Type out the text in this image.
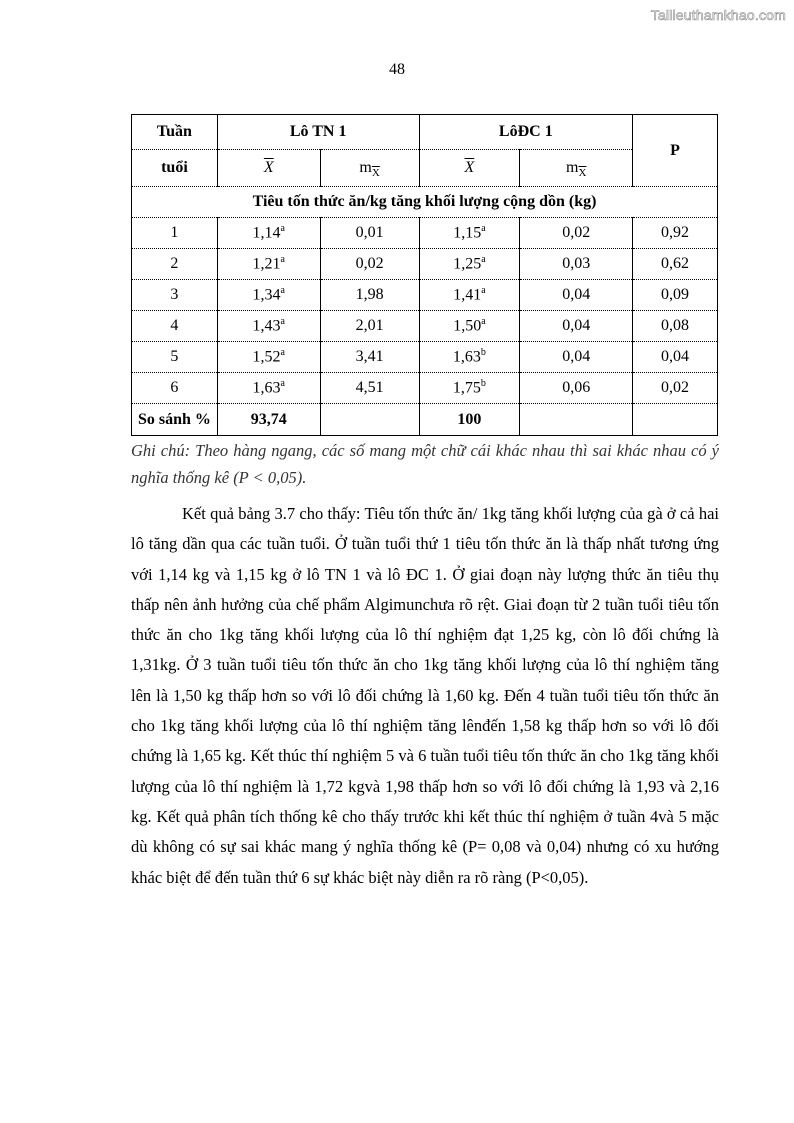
Tailieuthamkhao.com
48
Tuần	Lô TN 1		LôĐC 1		P
tuổi	$\overline{X}$	$m_{\overline{X}}$	$\overline{X}$	$m_{\overline{X}}$
Tiêu tốn thức ăn/kg tăng khối lượng cộng dồn (kg)					
1	1,14$^a$	0,01	1,15$^a$	0,02	0,92
2	1,21$^a$	0,02	1,25$^a$	0,03	0,62
3	1,34$^a$	1,98	1,41$^a$	0,04	0,09
4	1,43$^a$	2,01	1,50$^a$	0,04	0,08
5	1,52$^a$	3,41	1,63$^b$	0,04	0,04
6	1,63$^a$	4,51	1,75$^b$	0,06	0,02
So sánh %	93,74		100		
Ghi chú: Theo hàng ngang, các số mang một chữ cái khác nhau thì sai khác nhau có ý nghĩa thống kê (P < 0,05).

Kết quả bảng 3.7 cho thấy: Tiêu tốn thức ăn/ 1kg tăng khối lượng của gà ở cả hai lô tăng dần qua các tuần tuổi. Ở tuần tuổi thứ 1 tiêu tốn thức ăn là thấp nhất tương ứng với 1,14 kg và 1,15 kg ở lô TN 1 và lô ĐC 1. Ở giai đoạn này lượng thức ăn tiêu thụ thấp nên ảnh hưởng của chế phẩm Algimunchưa rõ rệt. Giai đoạn từ 2 tuần tuổi tiêu tốn thức ăn cho 1kg tăng khối lượng của lô thí nghiệm đạt 1,25 kg, còn lô đối chứng là 1,31kg. Ở 3 tuần tuổi tiêu tốn thức ăn cho 1kg tăng khối lượng của lô thí nghiệm tăng lên là 1,50 kg thấp hơn so với lô đối chứng là 1,60 kg. Đến 4 tuần tuổi tiêu tốn thức ăn cho 1kg tăng khối lượng của lô thí nghiệm tăng lênđến 1,58 kg thấp hơn so với lô đối chứng là 1,65 kg. Kết thúc thí nghiệm 5 và 6 tuần tuổi tiêu tốn thức ăn cho 1kg tăng khối lượng của lô thí nghiệm là 1,72 kgvà 1,98 thấp hơn so với lô đối chứng là 1,93 và 2,16 kg. Kết quả phân tích thống kê cho thấy trước khi kết thúc thí nghiệm ở tuần 4và 5 mặc dù không có sự sai khác mang ý nghĩa thống kê (P= 0,08 và 0,04) nhưng có xu hướng khác biệt để đến tuần thứ 6 sự khác biệt này diễn ra rõ ràng (P<0,05).
